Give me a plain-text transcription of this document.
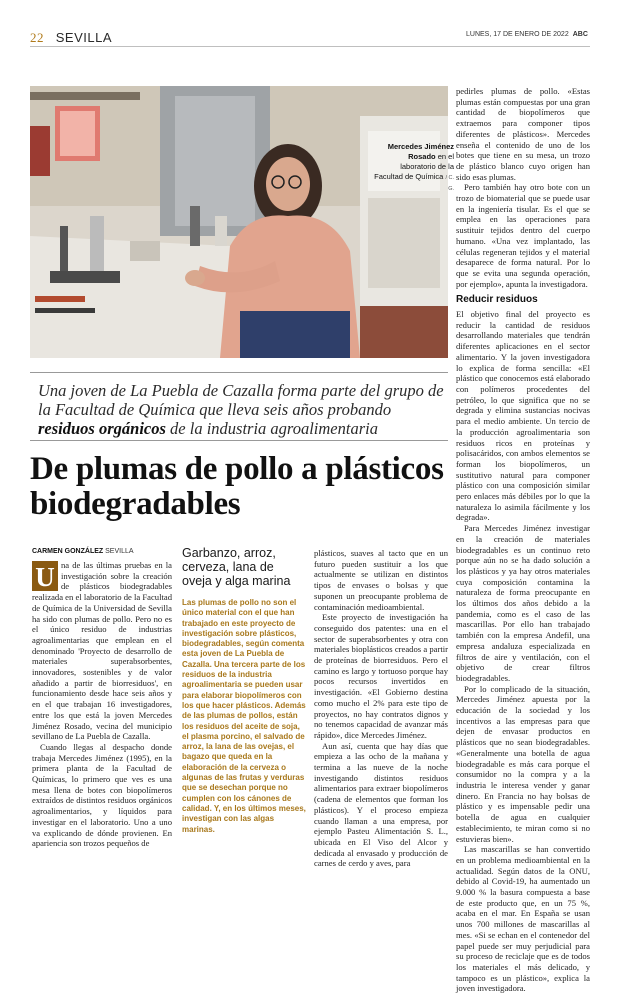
22 SEVILLA	LUNES, 17 DE ENERO DE 2022 ABC
Mercedes Jiménez Rosado en el laboratorio de la Facultad de Química / C. G.
Una joven de La Puebla de Cazalla forma parte del grupo de la Facultad de Química que lleva seis años probando residuos orgánicos de la industria agroalimentaria
De plumas de pollo a plásticos biodegradables
CARMEN GONZÁLEZ SEVILLA

U na de las últimas pruebas en la investigación sobre la creación de plásticos biodegradables realizada en el laboratorio de la Facultad de Química de la Universidad de Sevilla ha sido con plumas de pollo. Pero no es el único residuo de industrias agroalimentarias que emplean en el denominado 'Proyecto de desarrollo de materiales superabsorbentes, innovadores, sostenibles y de valor añadido a partir de biorresiduos', en funcionamiento desde hace seis años y en el que trabajan 16 investigadores, entre los que está la joven Mercedes Jiménez Rosado, vecina del municipio sevillano de La Puebla de Cazalla.

Cuando llegas al despacho donde trabaja Mercedes Jiménez (1995), en la primera planta de la Facultad de Químicas, lo primero que ves es una mesa llena de botes con biopolímeros extraídos de distintos residuos orgánicos agroalimentarios, y líquidos para investigar en el laboratorio. Uno a uno va explicando de dónde provienen. En apariencia son trozos pequeños de

Garbanzo, arroz, cerveza, lana de oveja y alga marina
Las plumas de pollo no son el único material con el que han trabajado en este proyecto de investigación sobre plásticos, biodegradables, según comenta esta joven de La Puebla de Cazalla. Una tercera parte de los residuos de la industria agroalimentaria se pueden usar para elaborar biopolímeros con los que hacer plásticos. Además de las plumas de pollos, están los residuos del aceite de soja, el plasma porcino, el salvado de arroz, la lana de las ovejas, el bagazo que queda en la elaboración de la cerveza o algunas de las frutas y verduras que se desechan porque no cumplen con los cánones de calidad. Y, en los últimos meses, investigan con las algas marinas.

plásticos, suaves al tacto que en un futuro pueden sustituir a los que actualmente se utilizan en distintos tipos de envases o bolsas y que suponen un preocupante problema de contaminación medioambiental.

Este proyecto de investigación ha conseguido dos patentes: una en el sector de superabsorbentes y otra con materiales bioplásticos creados a partir de proteínas de biorresiduos. Pero el camino es largo y tortuoso porque hay pocos recursos invertidos en investigación. «El Gobierno destina como mucho el 2% para este tipo de proyectos, no hay contratos dignos y no tenemos capacidad de avanzar más rápido», dice Mercedes Jiménez.

Aun así, cuenta que hay días que empieza a las ocho de la mañana y termina a las nueve de la noche investigando distintos residuos alimentarios para extraer biopolímeros (cadena de elementos que forman los plásticos). Y el proceso empieza cuando llaman a una empresa, por ejemplo Pasteu Alimentación S. L., ubicada en El Viso del Alcor y dedicada al envasado y producción de carnes de cerdo y aves, para

pedirles plumas de pollo. «Estas plumas están compuestas por una gran cantidad de biopolímeros que extraemos para componer tipos diferentes de plásticos». Mercedes enseña el contenido de uno de los botes que tiene en su mesa, un trozo de plástico blanco cuyo origen han sido esas plumas.

Pero también hay otro bote con un trozo de biomaterial que se puede usar en la ingeniería tisular. Es el que se emplea en las operaciones para sustituir tejidos dentro del cuerpo humano. «Una vez implantado, las células regeneran tejidos y el material desaparece de forma natural. Por lo que se evita una segunda operación, por ejemplo», apunta la investigadora.

Reducir residuos

El objetivo final del proyecto es reducir la cantidad de residuos desarrollando materiales que tendrán diferentes aplicaciones en el sector alimentario. Y la joven investigadora lo explica de forma sencilla: «El plástico que conocemos está elaborado con polímeros procedentes del petróleo, lo que significa que no se degrada y elimina sustancias nocivas para el medio ambiente. Un tercio de la producción agroalimentaria son residuos ricos en proteínas y polisacáridos, con ambos elementos se forman los biopolímeros, un sustitutivo natural para componer plástico con una composición similar pero enlaces más débiles por lo que la naturaleza lo asimila fácilmente y los degrada».

Para Mercedes Jiménez investigar en la creación de materiales biodegradables es un continuo reto porque aún no se ha dado solución a los plásticos y ya hay otros materiales cuya composición contamina la naturaleza de forma preocupante en los últimos dos años debido a la pandemia, como es el caso de las mascarillas. Por ello han trabajado también con la empresa Andefil, una empresa andaluza especializada en filtros de aire y ventilación, con el objetivo de crear filtros biodegradables.

Por lo complicado de la situación, Mercedes Jiménez apuesta por la educación de la sociedad y los incentivos a las empresas para que dejen de envasar productos en plásticos que no sean biodegradables. «Generalmente una botella de agua biodegradable es más cara porque el consumidor no la compra y a la industria le interesa vender y ganar dinero. En Francia no hay bolsas de plástico y es impensable pedir una botella de agua en cualquier establecimiento, te miran como si no estuvieras bien».

Las mascarillas se han convertido en un problema medioambiental en la actualidad. Según datos de la ONU, debido al Covid-19, ha aumentado un 9.000 % la basura compuesta a base de este producto que, en un 75 %, acaba en el mar. En España se usan unos 700 millones de mascarillas al mes. «Si se echan en el contenedor del papel puede ser muy perjudicial para su proceso de reciclaje que es de todos los materiales el más delicado, y tampoco es un plástico», explica la joven investigadora.
